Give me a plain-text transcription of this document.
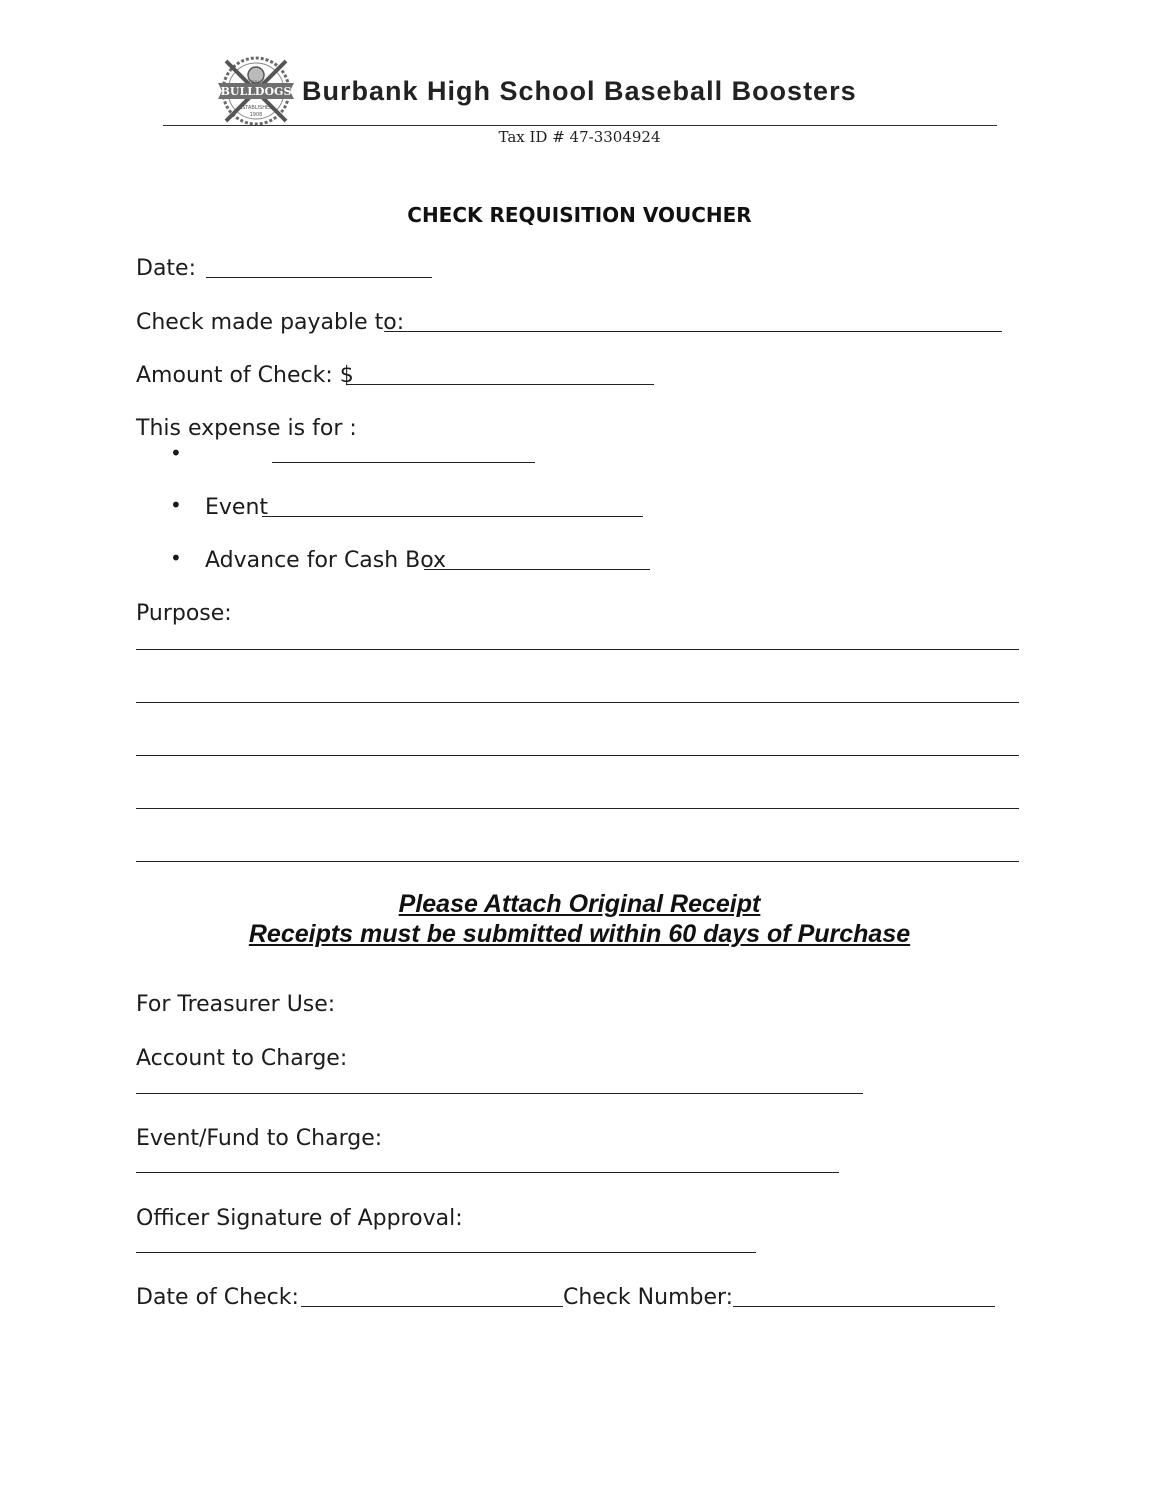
BULLDOGS
ESTABLISHED
1908
BURBANK Burbank High School Baseball Boosters
Tax ID # 47-3304924
CHECK REQUISITION VOUCHER
Date:
Check made payable to:
Amount of Check: $
This expense is for :
•
• Event
• Advance for Cash Box
Purpose:
Please Attach Original Receipt
Receipts must be submitted within 60 days of Purchase
For Treasurer Use:
Account to Charge:
Event/Fund to Charge:
Officer Signature of Approval:
Date of Check:	Check Number:
